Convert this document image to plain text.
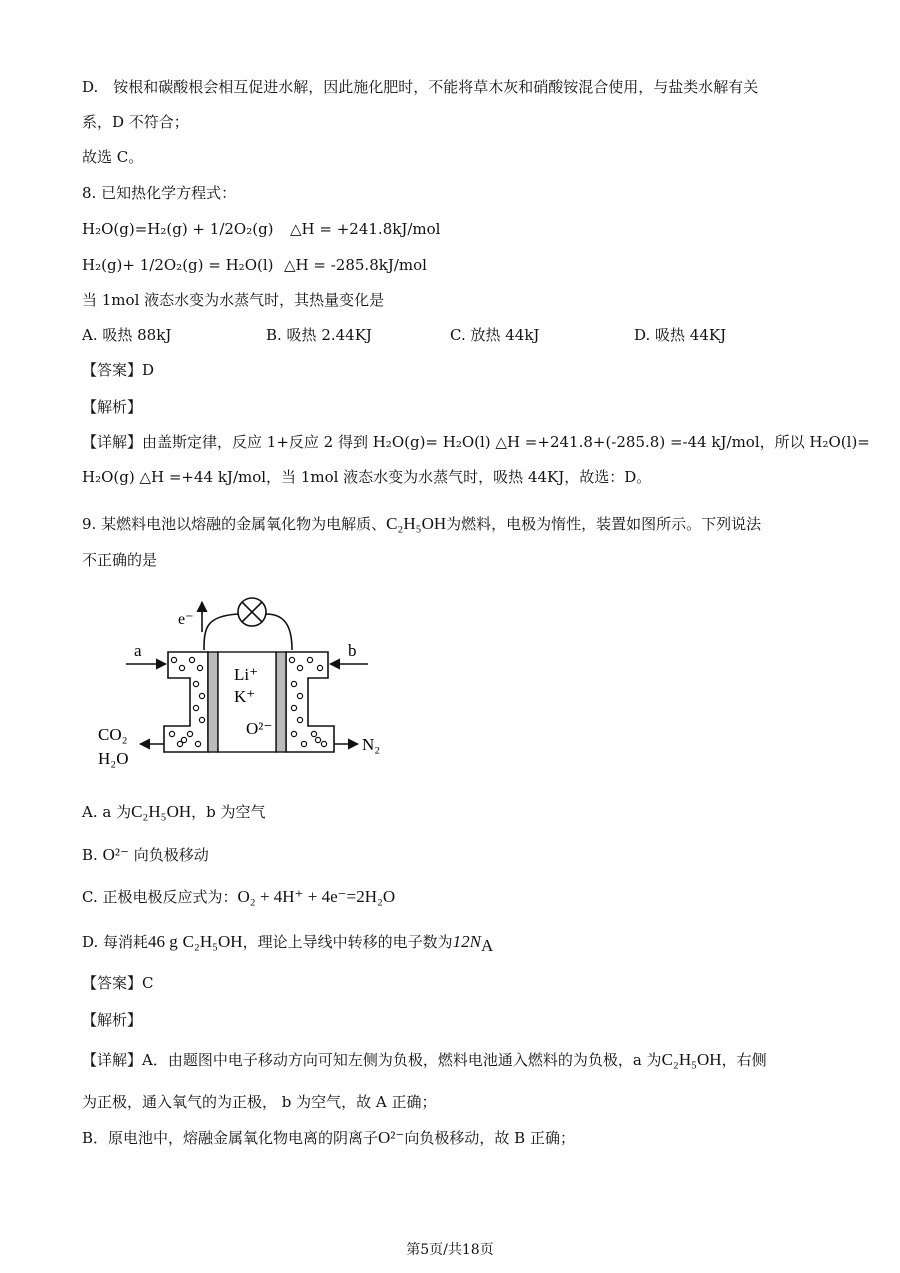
D.　铵根和碳酸根会相互促进水解，因此施化肥时，不能将草木灰和硝酸铵混合使用，与盐类水解有关
系，D 不符合；
故选 C。
8. 已知热化学方程式：
H₂O(g)=H₂(g) + 1/2O₂(g) △H = +241.8kJ/mol
H₂(g)+ 1/2O₂(g) = H₂O(l) △H = -285.8kJ/mol
当 1mol 液态水变为水蒸气时，其热量变化是
A. 吸热 88kJ	B. 吸热 2.44KJ	C. 放热 44kJ	D. 吸热 44KJ
【答案】D
【解析】
【详解】由盖斯定律，反应 1+反应 2 得到 H₂O(g)= H₂O(l) △H =+241.8+(-285.8) =-44 kJ/mol，所以 H₂O(l)=
H₂O(g) △H =+44 kJ/mol，当 1mol 液态水变为水蒸气时，吸热 44KJ，故选：D。
9. 某燃料电池以熔融的金属氧化物为电解质、C₂H₅OH为燃料，电极为惰性，装置如图所示。下列说法
不正确的是
e⁻
Li⁺
K⁺
O²⁻
a	b
CO₂
H₂O
N₂
A. a 为C₂H₅OH，b 为空气
B. O²⁻ 向负极移动
C. 正极电极反应式为：O₂ + 4H⁺ + 4e⁻=2H₂O
D. 每消耗46 g C₂H₅OH，理论上导线中转移的电子数为$12N_A$
【答案】C
【解析】
【详解】A．由题图中电子移动方向可知左侧为负极，燃料电池通入燃料的为负极，a 为C₂H₅OH，右侧
为正极，通入氧气的为正极， b 为空气，故 A 正确；
B．原电池中，熔融金属氧化物电离的阴离子O²⁻向负极移动，故 B 正确；
第5页/共18页
